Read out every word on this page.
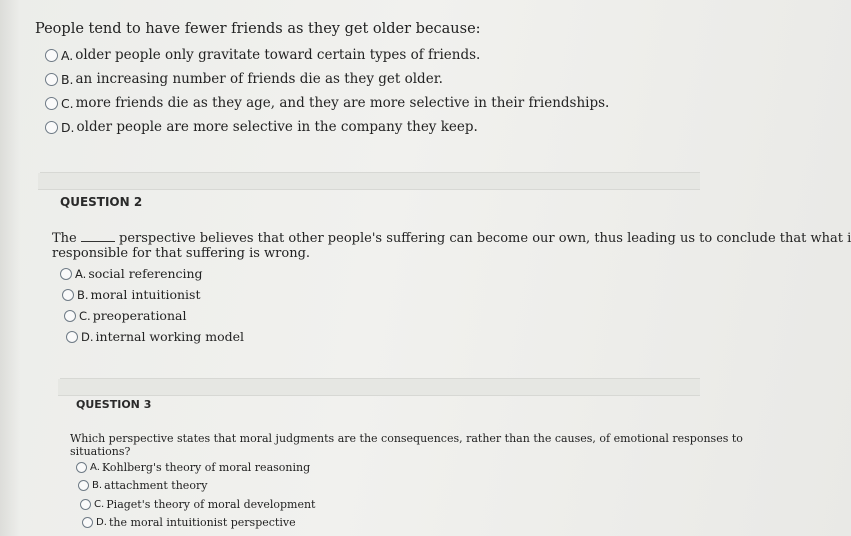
People tend to have fewer friends as they get older because:
A. older people only gravitate toward certain types of friends.
B. an increasing number of friends die as they get older.
C. more friends die as they age, and they are more selective in their friendships.
D. older people are more selective in the company they keep.
QUESTION 2
The	perspective believes that other people's suffering can become our own, thus leading us to conclude that what i
responsible for that suffering is wrong.
A. social referencing
B. moral intuitionist
C. preoperational
D. internal working model
QUESTION 3
Which perspective states that moral judgments are the consequences, rather than the causes, of emotional responses to
situations?
A. Kohlberg's theory of moral reasoning
B. attachment theory
C. Piaget's theory of moral development
D. the moral intuitionist perspective
